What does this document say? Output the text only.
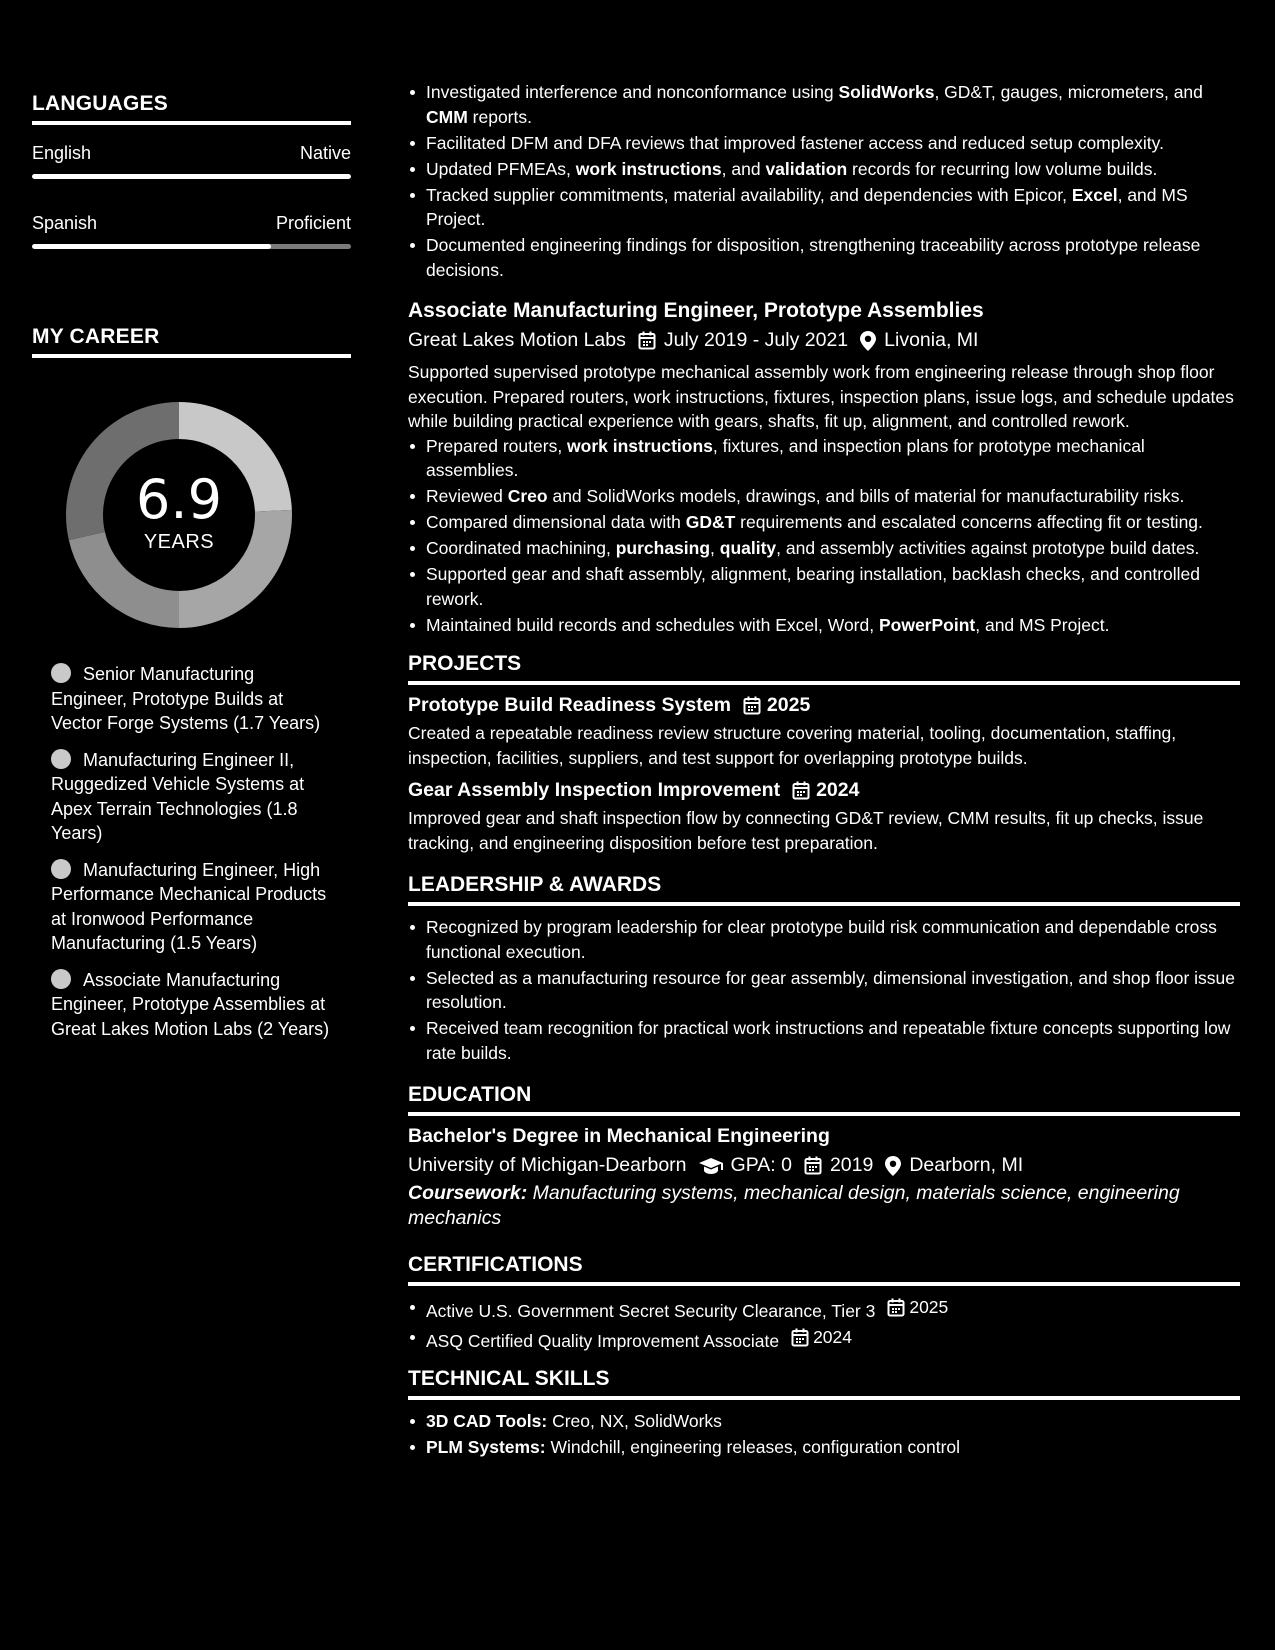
LANGUAGES
English	Native
Spanish	Proficient
MY CAREER
6.9
YEARS
Senior Manufacturing Engineer, Prototype Builds at Vector Forge Systems (1.7 Years)
Manufacturing Engineer II, Ruggedized Vehicle Systems at Apex Terrain Technologies (1.8 Years)
Manufacturing Engineer, High Performance Mechanical Products at Ironwood Performance Manufacturing (1.5 Years)
Associate Manufacturing Engineer, Prototype Assemblies at Great Lakes Motion Labs (2 Years)
Investigated interference and nonconformance using SolidWorks, GD&T, gauges, micrometers, and CMM reports.
Facilitated DFM and DFA reviews that improved fastener access and reduced setup complexity.
Updated PFMEAs, work instructions, and validation records for recurring low volume builds.
Tracked supplier commitments, material availability, and dependencies with Epicor, Excel, and MS Project.
Documented engineering findings for disposition, strengthening traceability across prototype release decisions.
Associate Manufacturing Engineer, Prototype Assemblies
Great Lakes Motion Labs July 2019 - July 2021 Livonia, MI
Supported supervised prototype mechanical assembly work from engineering release through shop floor execution. Prepared routers, work instructions, fixtures, inspection plans, issue logs, and schedule updates while building practical experience with gears, shafts, fit up, alignment, and controlled rework.
Prepared routers, work instructions, fixtures, and inspection plans for prototype mechanical assemblies.
Reviewed Creo and SolidWorks models, drawings, and bills of material for manufacturability risks.
Compared dimensional data with GD&T requirements and escalated concerns affecting fit or testing.
Coordinated machining, purchasing, quality, and assembly activities against prototype build dates.
Supported gear and shaft assembly, alignment, bearing installation, backlash checks, and controlled rework.
Maintained build records and schedules with Excel, Word, PowerPoint, and MS Project.
PROJECTS
Prototype Build Readiness System 2025
Created a repeatable readiness review structure covering material, tooling, documentation, staffing, inspection, facilities, suppliers, and test support for overlapping prototype builds.
Gear Assembly Inspection Improvement 2024
Improved gear and shaft inspection flow by connecting GD&T review, CMM results, fit up checks, issue tracking, and engineering disposition before test preparation.
LEADERSHIP & AWARDS
Recognized by program leadership for clear prototype build risk communication and dependable cross functional execution.
Selected as a manufacturing resource for gear assembly, dimensional investigation, and shop floor issue resolution.
Received team recognition for practical work instructions and repeatable fixture concepts supporting low rate builds.
EDUCATION
Bachelor's Degree in Mechanical Engineering
University of Michigan-Dearborn GPA: 0 2019 Dearborn, MI
Coursework: Manufacturing systems, mechanical design, materials science, engineering mechanics
CERTIFICATIONS
Active U.S. Government Secret Security Clearance, Tier 3 2025
ASQ Certified Quality Improvement Associate 2024
TECHNICAL SKILLS
3D CAD Tools: Creo, NX, SolidWorks
PLM Systems: Windchill, engineering releases, configuration control
